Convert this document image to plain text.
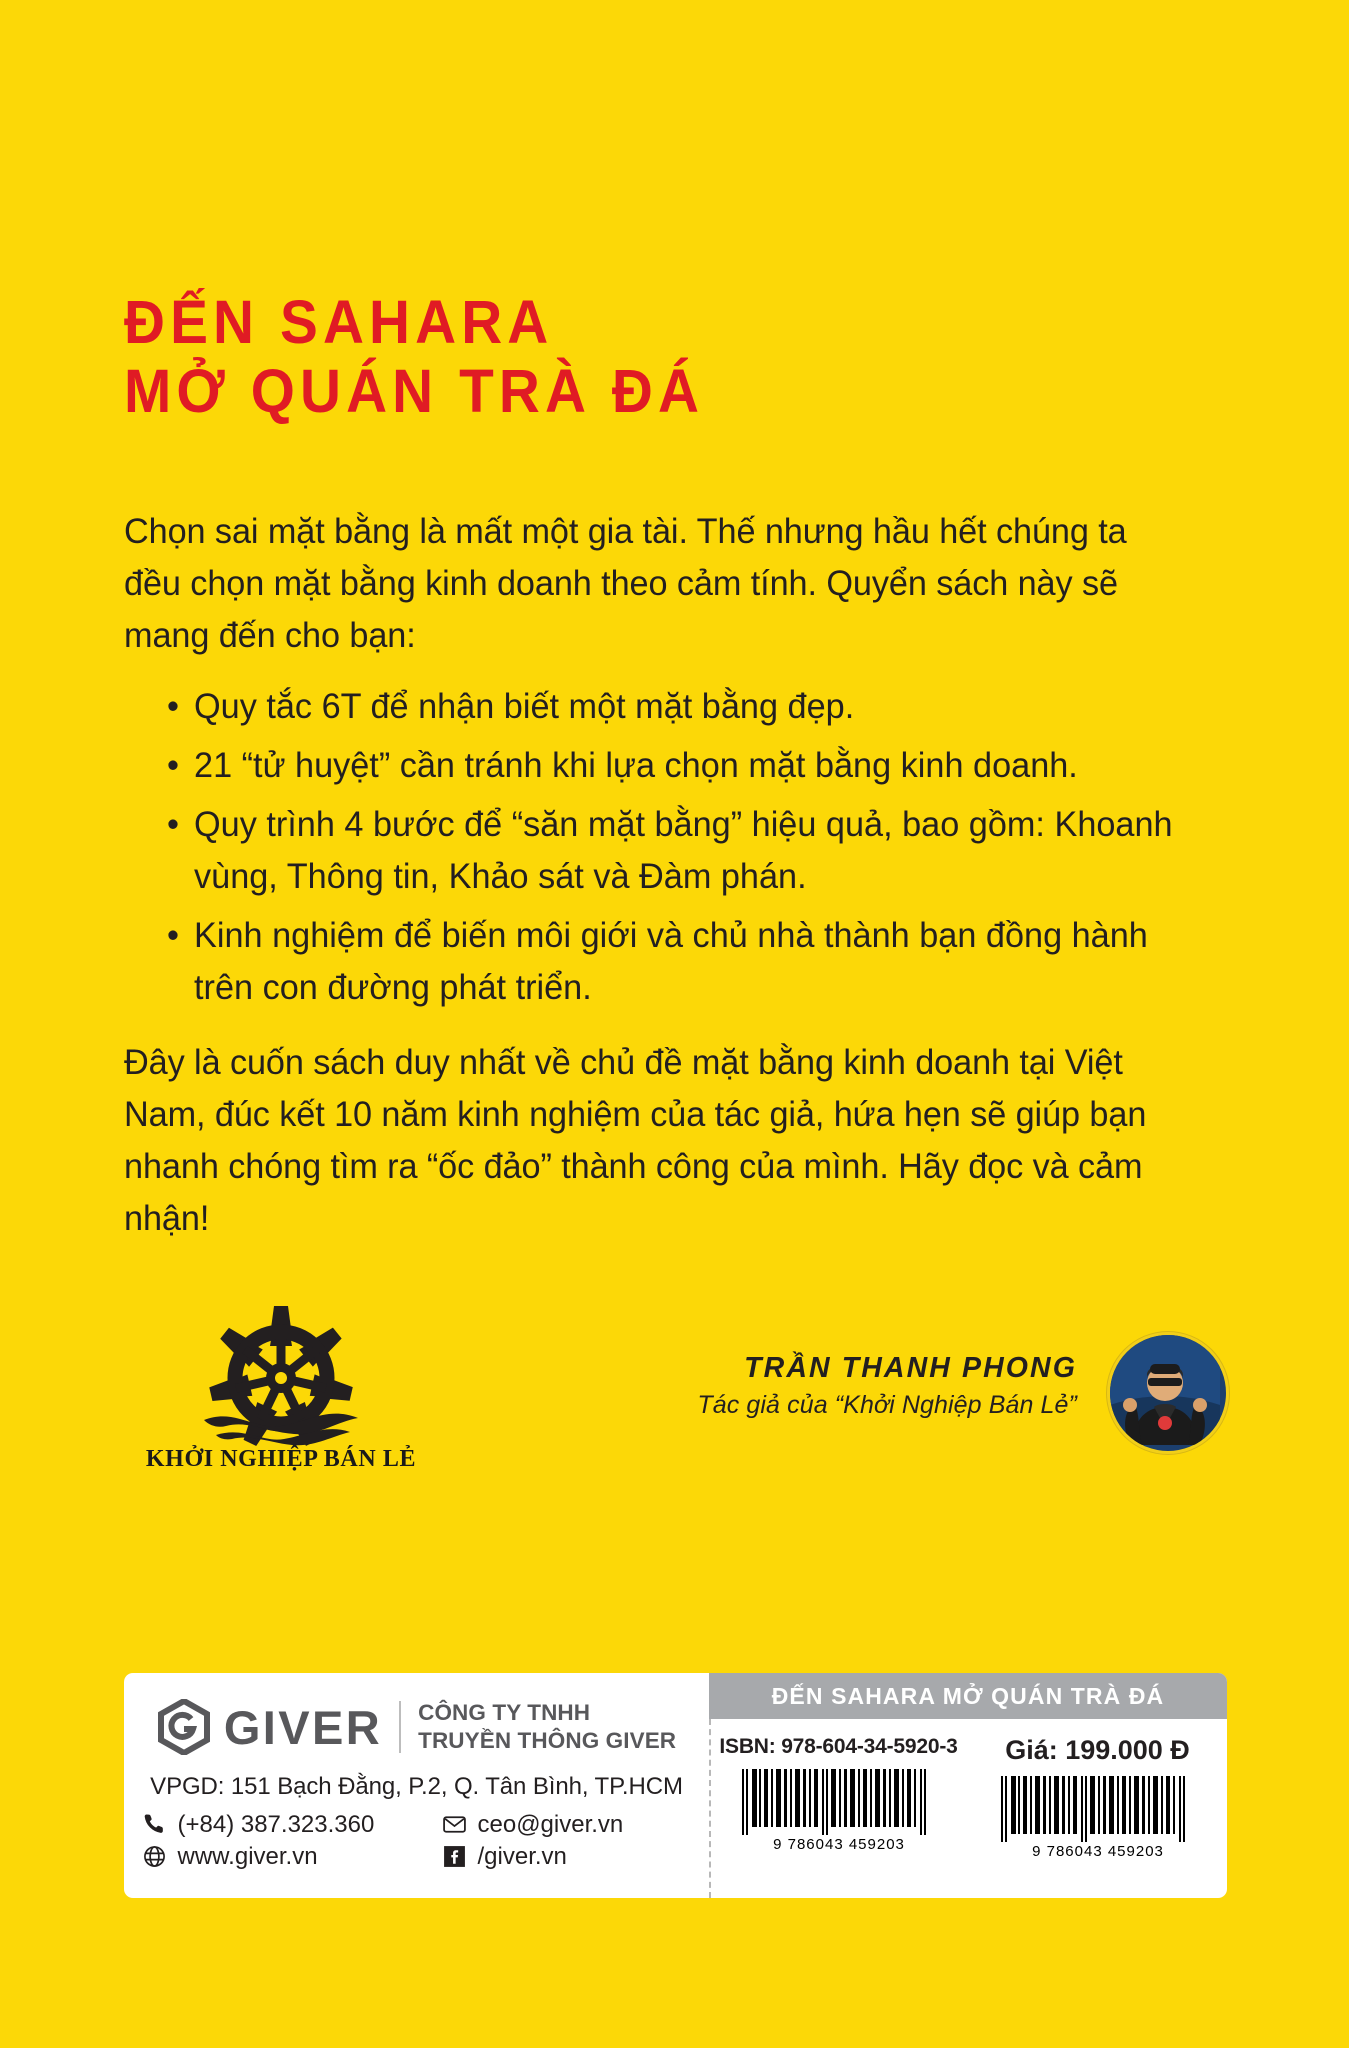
ĐẾN SAHARA
MỞ QUÁN TRÀ ĐÁ

Chọn sai mặt bằng là mất một gia tài. Thế nhưng hầu hết chúng ta đều chọn mặt bằng kinh doanh theo cảm tính. Quyển sách này sẽ mang đến cho bạn:

• Quy tắc 6T để nhận biết một mặt bằng đẹp.
• 21 “tử huyệt” cần tránh khi lựa chọn mặt bằng kinh doanh.
• Quy trình 4 bước để “săn mặt bằng” hiệu quả, bao gồm: Khoanh vùng, Thông tin, Khảo sát và Đàm phán.
• Kinh nghiệm để biến môi giới và chủ nhà thành bạn đồng hành trên con đường phát triển.

Đây là cuốn sách duy nhất về chủ đề mặt bằng kinh doanh tại Việt Nam, đúc kết 10 năm kinh nghiệm của tác giả, hứa hẹn sẽ giúp bạn nhanh chóng tìm ra “ốc đảo” thành công của mình. Hãy đọc và cảm nhận!

KHỞI NGHIỆP BÁN LẺ
TRẦN THANH PHONG
Tác giả của “Khởi Nghiệp Bán Lẻ”
GIVER CÔNG TY TNHH
TRUYỀN THÔNG GIVER
VPGD: 151 Bạch Đằng, P.2, Q. Tân Bình, TP.HCM
(+84) 387.323.360	ceo@giver.vn
www.giver.vn	/giver.vn
ĐẾN SAHARA MỞ QUÁN TRÀ ĐÁ
ISBN: 978-604-34-5920-3
9 786043 459203
Giá: 199.000 Đ
9 786043 459203
